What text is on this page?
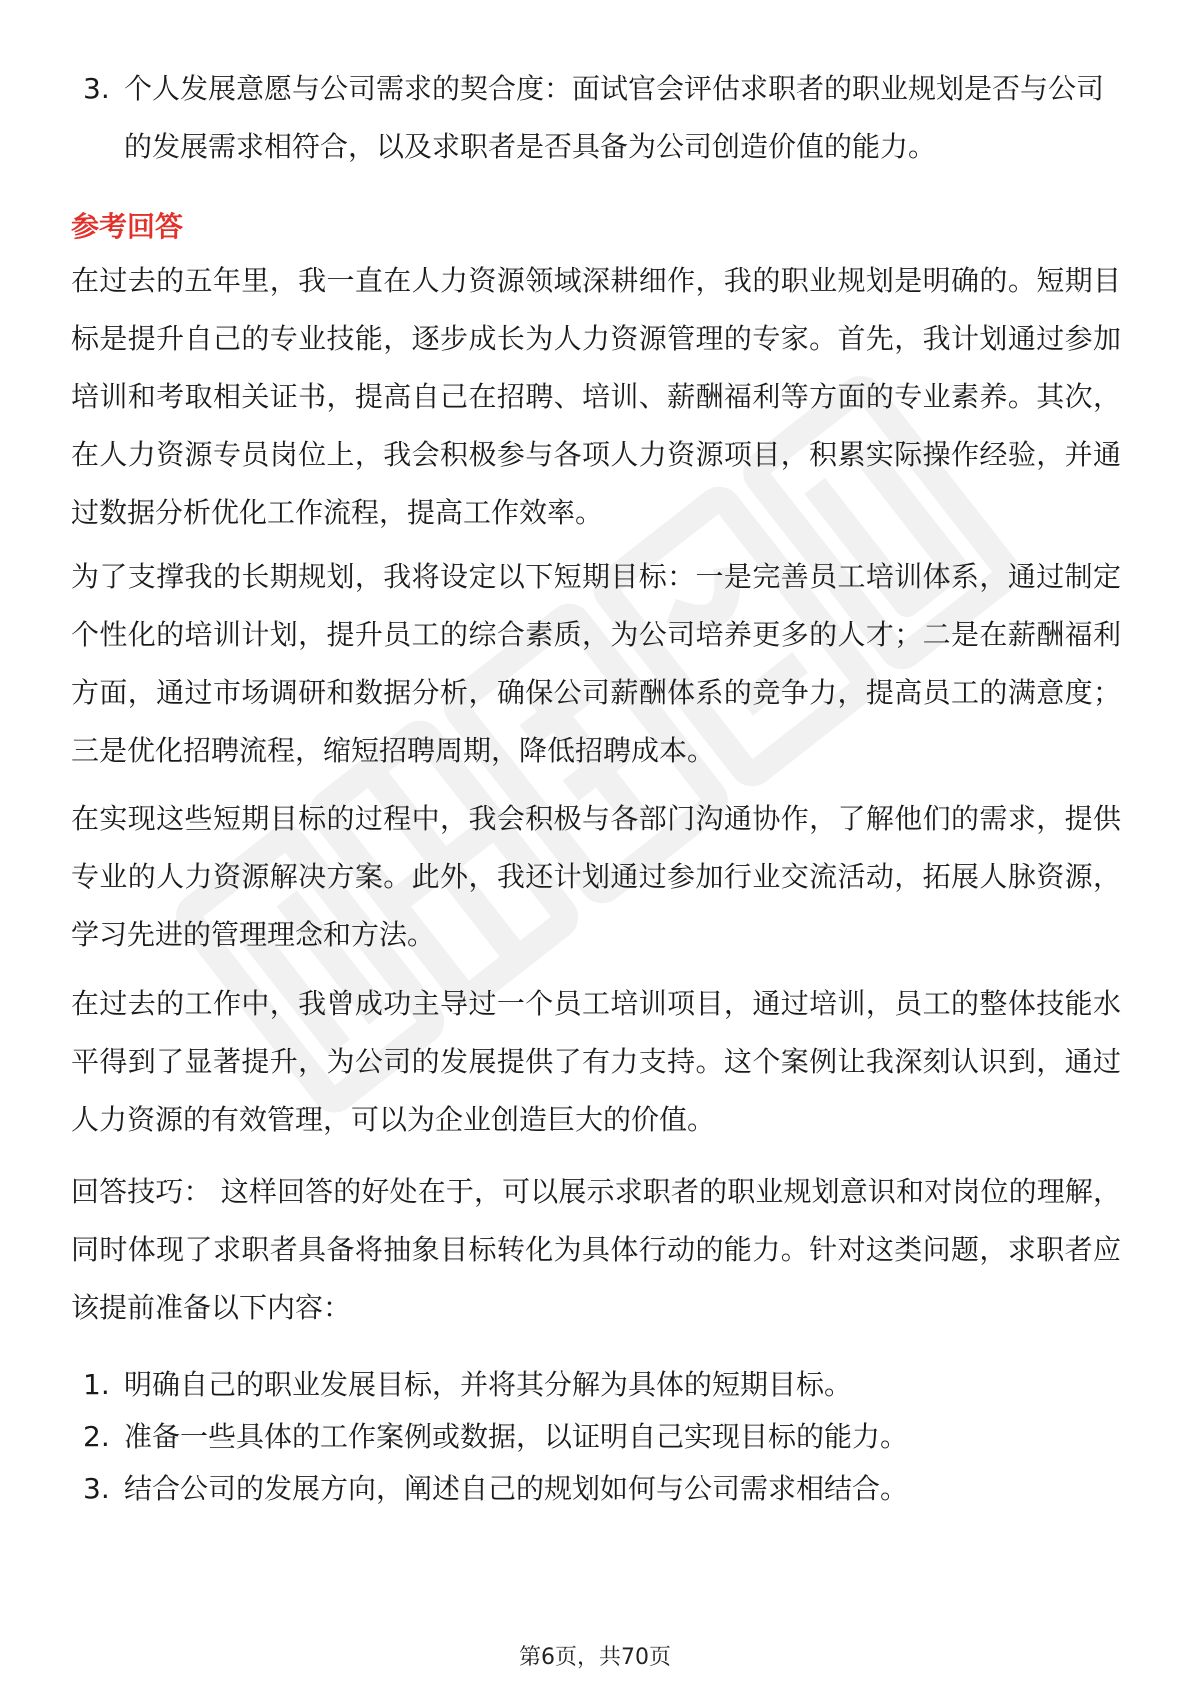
3. 个人发展意愿与公司需求的契合度：面试官会评估求职者的职业规划是否与公司的发展需求相符合，以及求职者是否具备为公司创造价值的能力。
参考回答
在过去的五年里，我一直在人力资源领域深耕细作，我的职业规划是明确的。短期目标是提升自己的专业技能，逐步成长为人力资源管理的专家。首先，我计划通过参加培训和考取相关证书，提高自己在招聘、培训、薪酬福利等方面的专业素养。其次，在人力资源专员岗位上，我会积极参与各项人力资源项目，积累实际操作经验，并通过数据分析优化工作流程，提高工作效率。
为了支撑我的长期规划，我将设定以下短期目标：一是完善员工培训体系，通过制定个性化的培训计划，提升员工的综合素质，为公司培养更多的人才；二是在薪酬福利方面，通过市场调研和数据分析，确保公司薪酬体系的竞争力，提高员工的满意度；三是优化招聘流程，缩短招聘周期，降低招聘成本。
在实现这些短期目标的过程中，我会积极与各部门沟通协作，了解他们的需求，提供专业的人力资源解决方案。此外，我还计划通过参加行业交流活动，拓展人脉资源，学习先进的管理理念和方法。
在过去的工作中，我曾成功主导过一个员工培训项目，通过培训，员工的整体技能水平得到了显著提升，为公司的发展提供了有力支持。这个案例让我深刻认识到，通过人力资源的有效管理，可以为企业创造巨大的价值。
回答技巧： 这样回答的好处在于，可以展示求职者的职业规划意识和对岗位的理解，同时体现了求职者具备将抽象目标转化为具体行动的能力。针对这类问题，求职者应该提前准备以下内容：
1. 明确自己的职业发展目标，并将其分解为具体的短期目标。
2. 准备一些具体的工作案例或数据，以证明自己实现目标的能力。
3. 结合公司的发展方向，阐述自己的规划如何与公司需求相结合。
第6页，共70页
